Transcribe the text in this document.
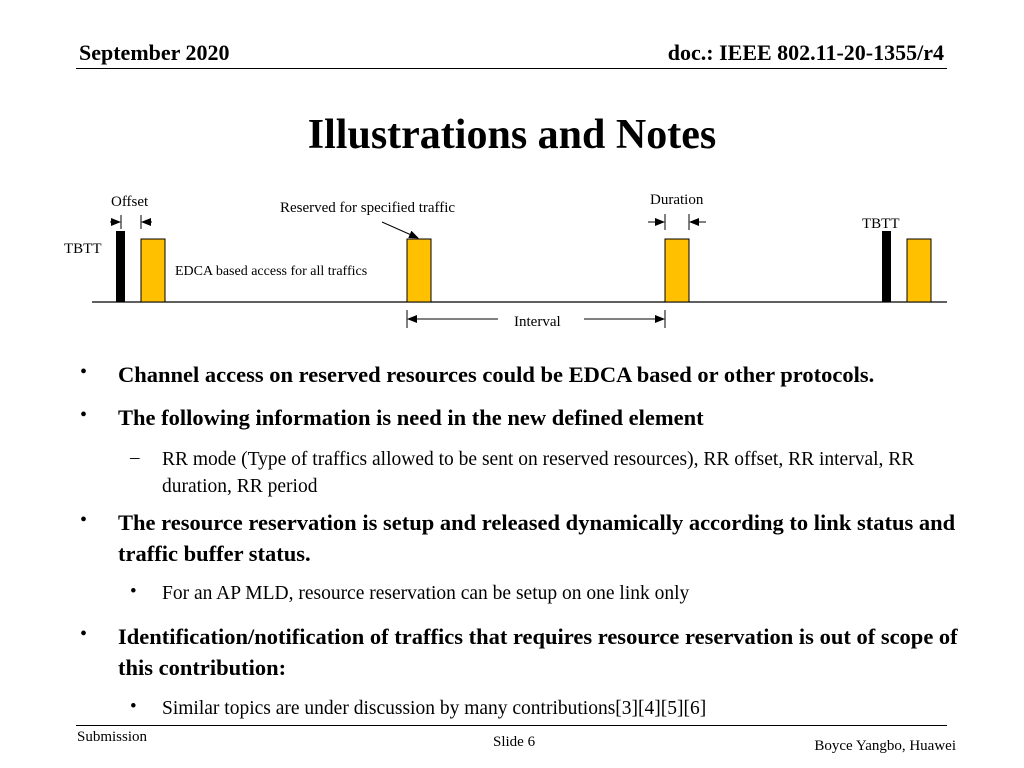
September 2020	doc.: IEEE 802.11-20-1355/r4
Illustrations and Notes
Offset	Reserved for specified traffic	Duration
TBTT
TBTT
EDCA based access for all traffics
Interval
• Channel access on reserved resources could be EDCA based or other protocols.
• The following information is need in the new defined element
– RR mode (Type of traffics allowed to be sent on reserved resources), RR offset, RR interval, RR duration, RR period
• The resource reservation is setup and released dynamically according to link status and traffic buffer status.
• For an AP MLD, resource reservation can be setup on one link only
• Identification/notification of traffics that requires resource reservation is out of scope of this contribution:
• Similar topics are under discussion by many contributions[3][4][5][6]
Submission	Slide 6	Boyce Yangbo, Huawei
